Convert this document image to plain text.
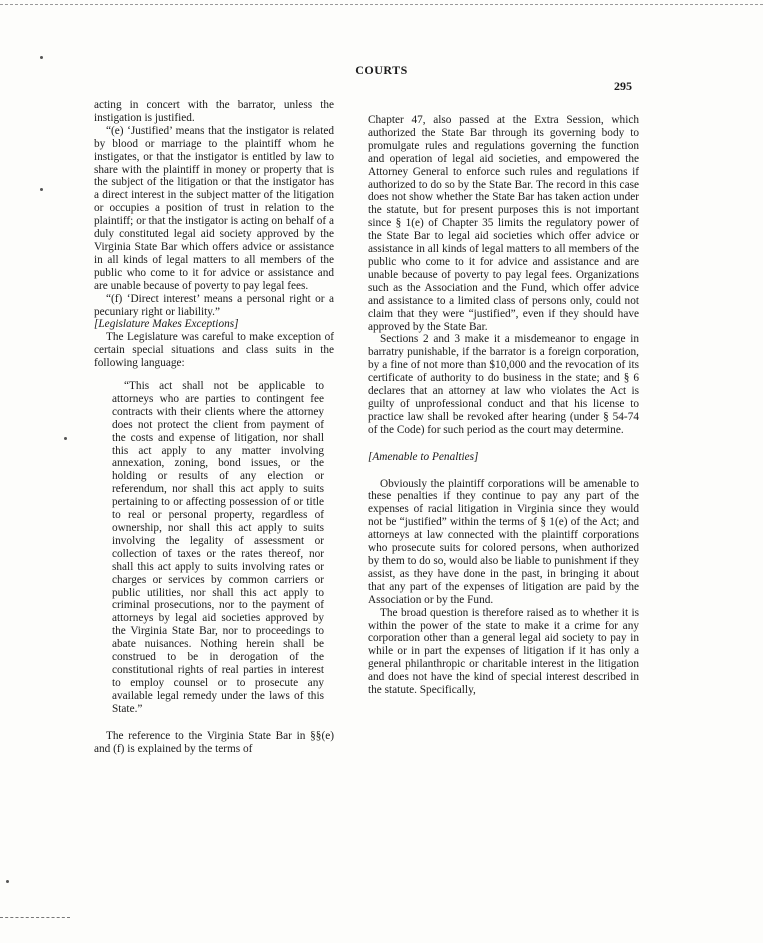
COURTS
295

acting in concert with the barrator, unless the instigation is justified.

“(e) ‘Justified’ means that the instigator is related by blood or marriage to the plaintiff whom he instigates, or that the instigator is entitled by law to share with the plaintiff in money or property that is the subject of the litigation or that the instigator has a direct interest in the subject matter of the litigation or occupies a position of trust in relation to the plaintiff; or that the instigator is acting on behalf of a duly constituted legal aid society approved by the Virginia State Bar which offers advice or assistance in all kinds of legal matters to all members of the public who come to it for advice or assistance and are unable because of poverty to pay legal fees.

“(f) ‘Direct interest’ means a personal right or a pecuniary right or liability.”

[Legislature Makes Exceptions]

The Legislature was careful to make exception of certain special situations and class suits in the following language:

“This act shall not be applicable to attorneys who are parties to contingent fee contracts with their clients where the attorney does not protect the client from payment of the costs and expense of litigation, nor shall this act apply to any matter involving annexation, zoning, bond issues, or the holding or results of any election or referendum, nor shall this act apply to suits pertaining to or affecting possession of or title to real or personal property, regardless of ownership, nor shall this act apply to suits involving the legality of assessment or collection of taxes or the rates thereof, nor shall this act apply to suits involving rates or charges or services by common carriers or public utilities, nor shall this act apply to criminal prosecutions, nor to the payment of attorneys by legal aid societies approved by the Virginia State Bar, nor to proceedings to abate nuisances. Nothing herein shall be construed to be in derogation of the constitutional rights of real parties in interest to employ counsel or to prosecute any available legal remedy under the laws of this State.”

The reference to the Virginia State Bar in §§(e) and (f) is explained by the terms of

Chapter 47, also passed at the Extra Session, which authorized the State Bar through its governing body to promulgate rules and regulations governing the function and operation of legal aid societies, and empowered the Attorney General to enforce such rules and regulations if authorized to do so by the State Bar. The record in this case does not show whether the State Bar has taken action under the statute, but for present purposes this is not important since § 1(e) of Chapter 35 limits the regulatory power of the State Bar to legal aid societies which offer advice or assistance in all kinds of legal matters to all members of the public who come to it for advice and assistance and are unable because of poverty to pay legal fees. Organizations such as the Association and the Fund, which offer advice and assistance to a limited class of persons only, could not claim that they were “justified”, even if they should have approved by the State Bar.

Sections 2 and 3 make it a misdemeanor to engage in barratry punishable, if the barrator is a foreign corporation, by a fine of not more than $10,000 and the revocation of its certificate of authority to do business in the state; and § 6 declares that an attorney at law who violates the Act is guilty of unprofessional conduct and that his license to practice law shall be revoked after hearing (under § 54-74 of the Code) for such period as the court may determine.

[Amenable to Penalties]

Obviously the plaintiff corporations will be amenable to these penalties if they continue to pay any part of the expenses of racial litigation in Virginia since they would not be “justified” within the terms of § 1(e) of the Act; and attorneys at law connected with the plaintiff corporations who prosecute suits for colored persons, when authorized by them to do so, would also be liable to punishment if they assist, as they have done in the past, in bringing it about that any part of the expenses of litigation are paid by the Association or by the Fund.

The broad question is therefore raised as to whether it is within the power of the state to make it a crime for any corporation other than a general legal aid society to pay in while or in part the expenses of litigation if it has only a general philanthropic or charitable interest in the litigation and does not have the kind of special interest described in the statute. Specifically,
